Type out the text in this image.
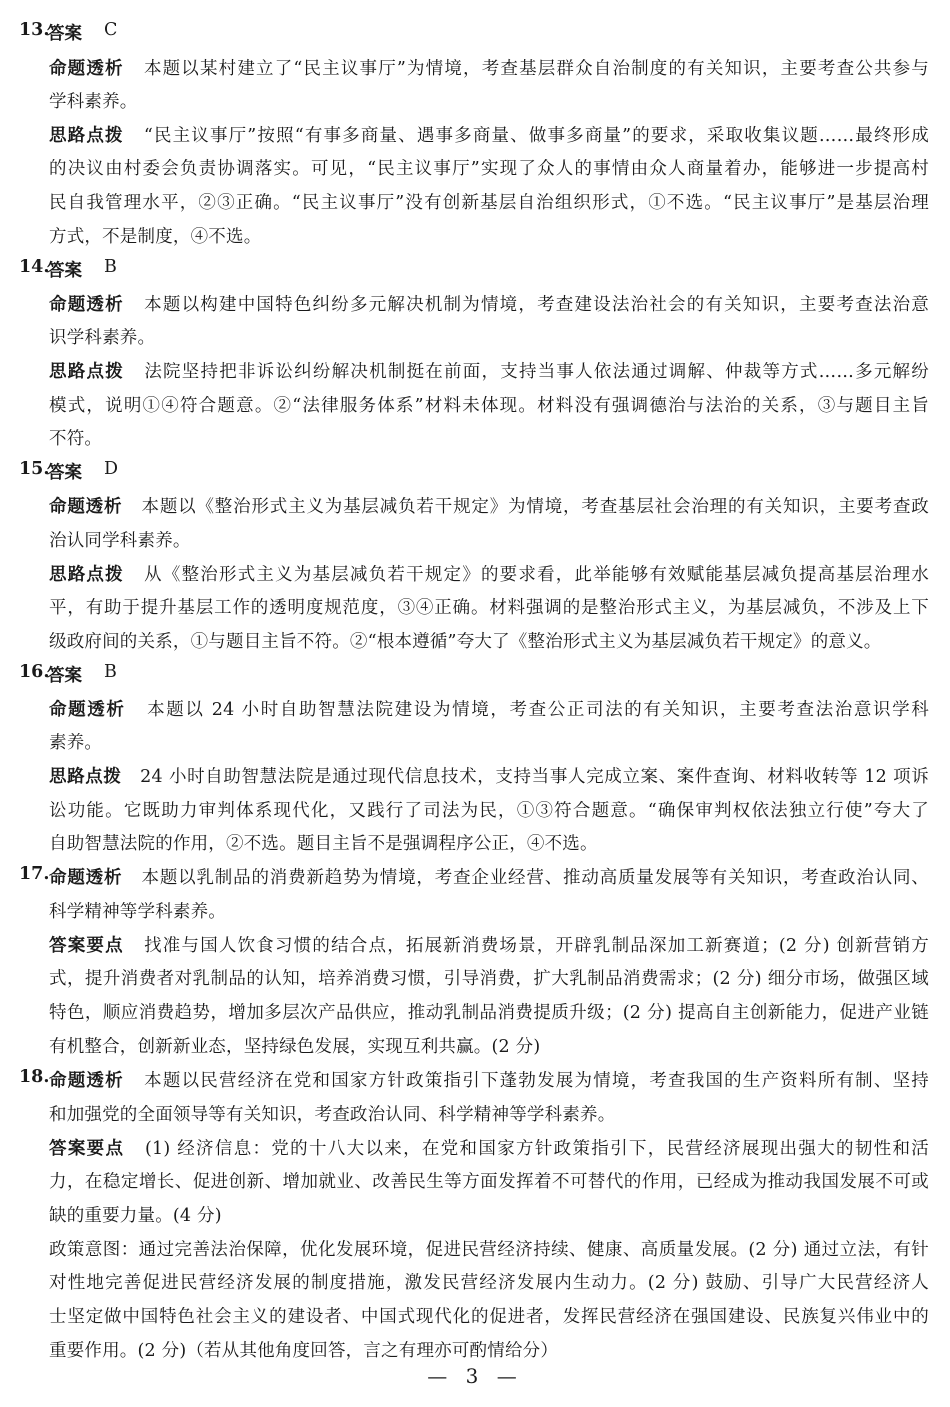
13.
答案 C
命题透析 本题以某村建立了“民主议事厅”为情境，考查基层群众自治制度的有关知识，主要考查公共参与
学科素养。
思路点拨 “民主议事厅”按照“有事多商量、遇事多商量、做事多商量”的要求，采取收集议题……最终形成
的决议由村委会负责协调落实。可见，“民主议事厅”实现了众人的事情由众人商量着办，能够进一步提高村
民自我管理水平，②③正确。“民主议事厅”没有创新基层自治组织形式，①不选。“民主议事厅”是基层治理
方式，不是制度，④不选。
14.
答案 B
命题透析 本题以构建中国特色纠纷多元解决机制为情境，考查建设法治社会的有关知识，主要考查法治意
识学科素养。
思路点拨 法院坚持把非诉讼纠纷解决机制挺在前面，支持当事人依法通过调解、仲裁等方式……多元解纷
模式，说明①④符合题意。②“法律服务体系”材料未体现。材料没有强调德治与法治的关系，③与题目主旨
不符。
15.
答案 D
命题透析 本题以《整治形式主义为基层减负若干规定》为情境，考查基层社会治理的有关知识，主要考查政
治认同学科素养。
思路点拨 从《整治形式主义为基层减负若干规定》的要求看，此举能够有效赋能基层减负提高基层治理水
平，有助于提升基层工作的透明度规范度，③④正确。材料强调的是整治形式主义，为基层减负，不涉及上下
级政府间的关系，①与题目主旨不符。②“根本遵循”夸大了《整治形式主义为基层减负若干规定》的意义。
16.
答案 B
命题透析 本题以 24 小时自助智慧法院建设为情境，考查公正司法的有关知识，主要考查法治意识学科
素养。
思路点拨 24 小时自助智慧法院是通过现代信息技术，支持当事人完成立案、案件查询、材料收转等 12 项诉
讼功能。它既助力审判体系现代化，又践行了司法为民，①③符合题意。“确保审判权依法独立行使”夸大了
自助智慧法院的作用，②不选。题目主旨不是强调程序公正，④不选。
17. 命题透析 本题以乳制品的消费新趋势为情境，考查企业经营、推动高质量发展等有关知识，考查政治认同、
科学精神等学科素养。
答案要点 找准与国人饮食习惯的结合点，拓展新消费场景，开辟乳制品深加工新赛道；(2 分) 创新营销方
式，提升消费者对乳制品的认知，培养消费习惯，引导消费，扩大乳制品消费需求；(2 分) 细分市场，做强区域
特色，顺应消费趋势，增加多层次产品供应，推动乳制品消费提质升级；(2 分) 提高自主创新能力，促进产业链
有机整合，创新新业态，坚持绿色发展，实现互利共赢。(2 分)
18. 命题透析 本题以民营经济在党和国家方针政策指引下蓬勃发展为情境，考查我国的生产资料所有制、坚持
和加强党的全面领导等有关知识，考查政治认同、科学精神等学科素养。
答案要点 (1) 经济信息：党的十八大以来，在党和国家方针政策指引下，民营经济展现出强大的韧性和活
力，在稳定增长、促进创新、增加就业、改善民生等方面发挥着不可替代的作用，已经成为推动我国发展不可或
缺的重要力量。(4 分)
政策意图：通过完善法治保障，优化发展环境，促进民营经济持续、健康、高质量发展。(2 分) 通过立法，有针
对性地完善促进民营经济发展的制度措施，激发民营经济发展内生动力。(2 分) 鼓励、引导广大民营经济人
士坚定做中国特色社会主义的建设者、中国式现代化的促进者，发挥民营经济在强国建设、民族复兴伟业中的
重要作用。(2 分)（若从其他角度回答，言之有理亦可酌情给分）
— 3 —
